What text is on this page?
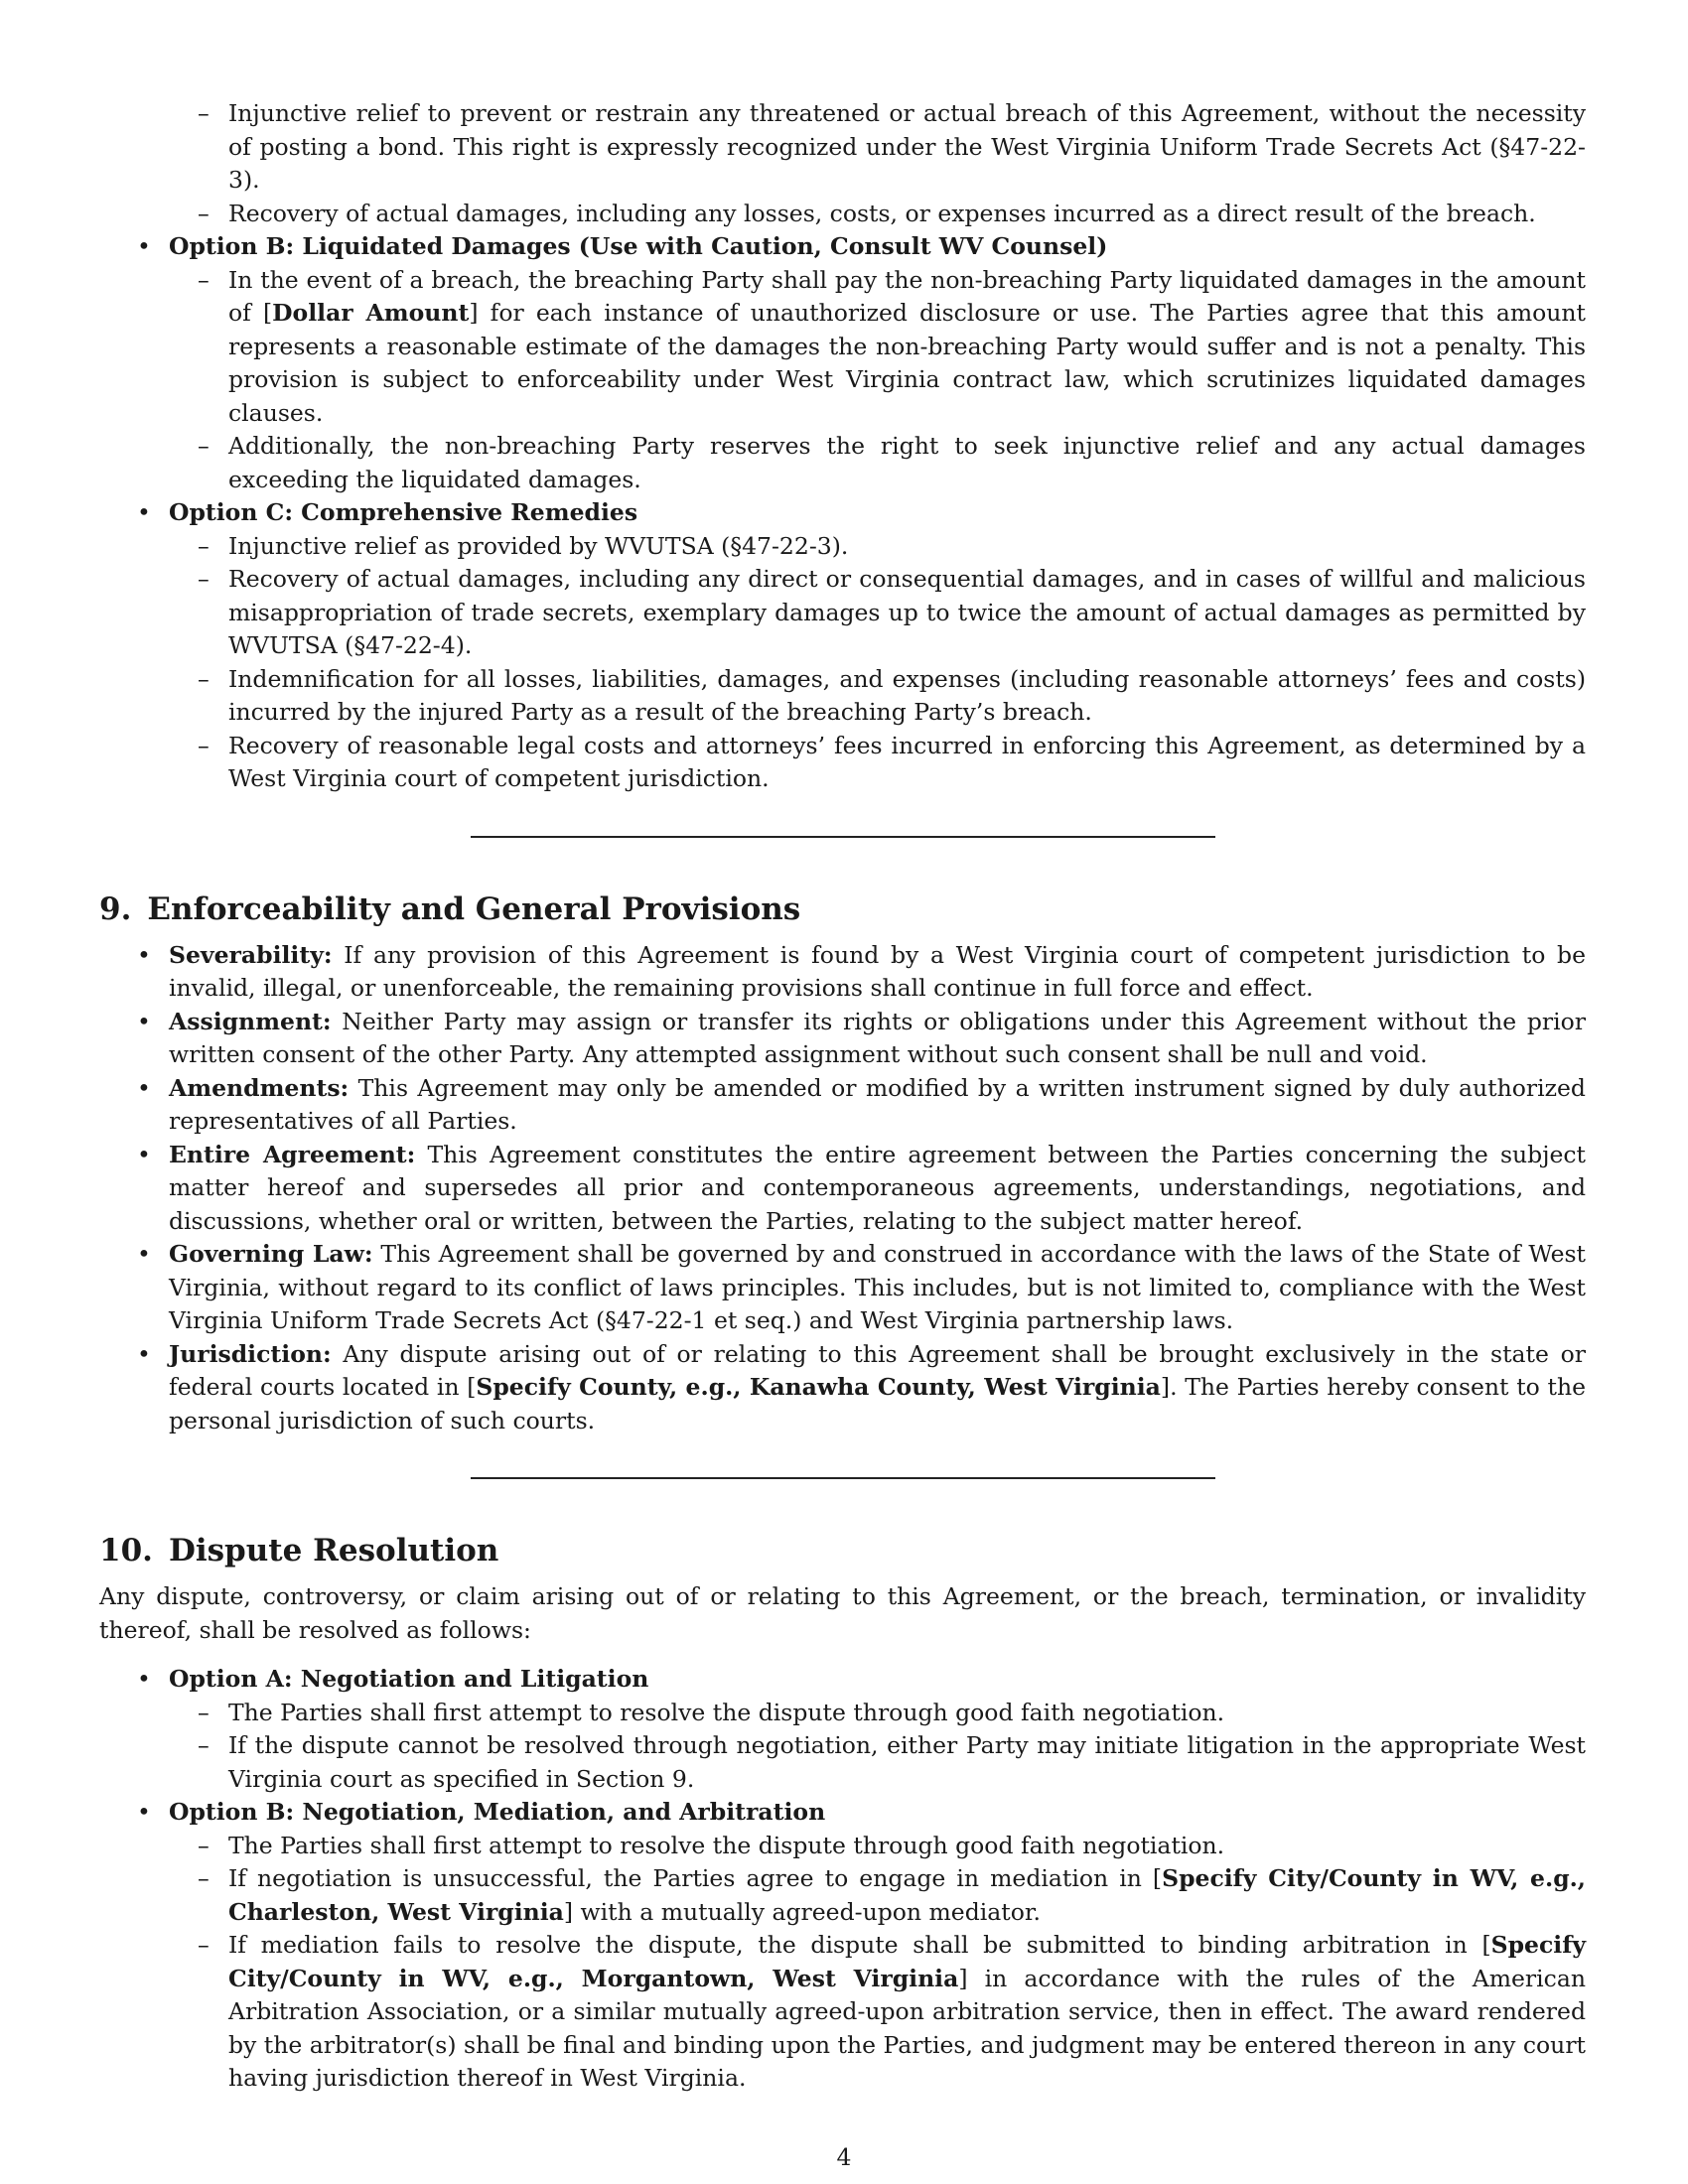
– Injunctive relief to prevent or restrain any threatened or actual breach of this Agreement, without the necessity of posting a bond. This right is expressly recognized under the West Virginia Uniform Trade Secrets Act (§47-22-3).
– Recovery of actual damages, including any losses, costs, or expenses incurred as a direct result of the breach.
• Option B: Liquidated Damages (Use with Caution, Consult WV Counsel)
– In the event of a breach, the breaching Party shall pay the non-breaching Party liquidated damages in the amount of [Dollar Amount] for each instance of unauthorized disclosure or use. The Parties agree that this amount represents a reasonable estimate of the damages the non-breaching Party would suffer and is not a penalty. This provision is subject to enforceability under West Virginia contract law, which scrutinizes liquidated damages clauses.
– Additionally, the non-breaching Party reserves the right to seek injunctive relief and any actual damages exceeding the liquidated damages.
• Option C: Comprehensive Remedies
– Injunctive relief as provided by WVUTSA (§47-22-3).
– Recovery of actual damages, including any direct or consequential damages, and in cases of willful and malicious misappropriation of trade secrets, exemplary damages up to twice the amount of actual damages as permitted by WVUTSA (§47-22-4).
– Indemnification for all losses, liabilities, damages, and expenses (including reasonable attorneys’ fees and costs) incurred by the injured Party as a result of the breaching Party’s breach.
– Recovery of reasonable legal costs and attorneys’ fees incurred in enforcing this Agreement, as determined by a West Virginia court of competent jurisdiction.
9. Enforceability and General Provisions
• Severability: If any provision of this Agreement is found by a West Virginia court of competent jurisdiction to be invalid, illegal, or unenforceable, the remaining provisions shall continue in full force and effect.
• Assignment: Neither Party may assign or transfer its rights or obligations under this Agreement without the prior written consent of the other Party. Any attempted assignment without such consent shall be null and void.
• Amendments: This Agreement may only be amended or modified by a written instrument signed by duly authorized representatives of all Parties.
• Entire Agreement: This Agreement constitutes the entire agreement between the Parties concerning the subject matter hereof and supersedes all prior and contemporaneous agreements, understandings, negotiations, and discussions, whether oral or written, between the Parties, relating to the subject matter hereof.
• Governing Law: This Agreement shall be governed by and construed in accordance with the laws of the State of West Virginia, without regard to its conflict of laws principles. This includes, but is not limited to, compliance with the West Virginia Uniform Trade Secrets Act (§47-22-1 et seq.) and West Virginia partnership laws.
• Jurisdiction: Any dispute arising out of or relating to this Agreement shall be brought exclusively in the state or federal courts located in [Specify County, e.g., Kanawha County, West Virginia]. The Parties hereby consent to the personal jurisdiction of such courts.
10. Dispute Resolution
Any dispute, controversy, or claim arising out of or relating to this Agreement, or the breach, termination, or invalidity thereof, shall be resolved as follows:
• Option A: Negotiation and Litigation
– The Parties shall first attempt to resolve the dispute through good faith negotiation.
– If the dispute cannot be resolved through negotiation, either Party may initiate litigation in the appropriate West Virginia court as specified in Section 9.
• Option B: Negotiation, Mediation, and Arbitration
– The Parties shall first attempt to resolve the dispute through good faith negotiation.
– If negotiation is unsuccessful, the Parties agree to engage in mediation in [Specify City/County in WV, e.g., Charleston, West Virginia] with a mutually agreed-upon mediator.
– If mediation fails to resolve the dispute, the dispute shall be submitted to binding arbitration in [Specify City/County in WV, e.g., Morgantown, West Virginia] in accordance with the rules of the American Arbitration Association, or a similar mutually agreed-upon arbitration service, then in effect. The award rendered by the arbitrator(s) shall be final and binding upon the Parties, and judgment may be entered thereon in any court having jurisdiction thereof in West Virginia.
4
